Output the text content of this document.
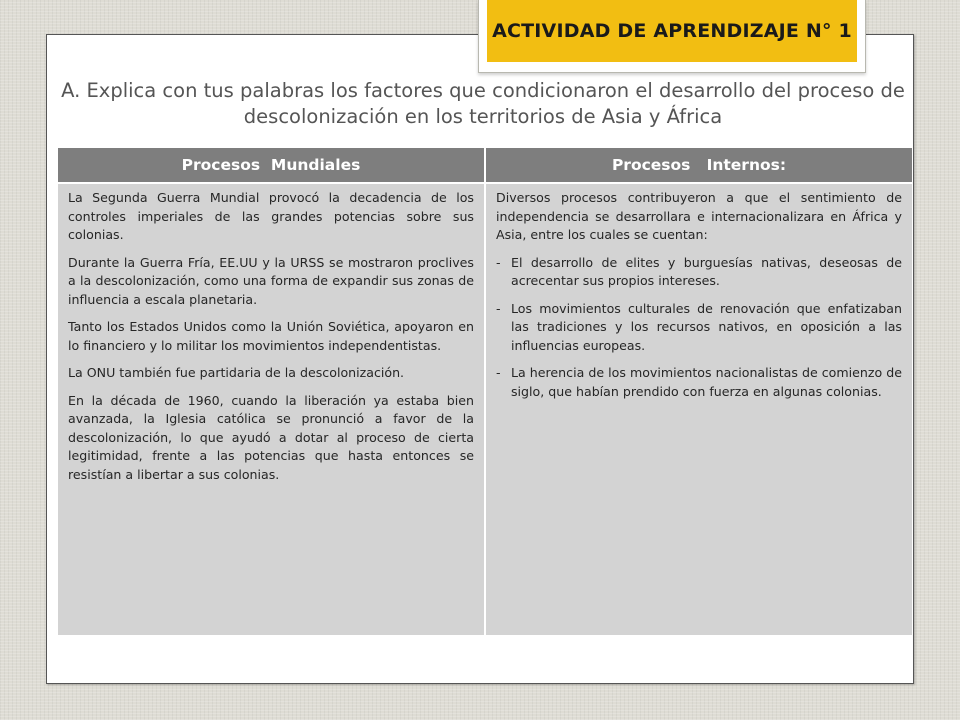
ACTIVIDAD DE APRENDIZAJE N° 1
A. Explica con tus palabras los factores que condicionaron el desarrollo del proceso de descolonización en los territorios de Asia y África
Procesos  Mundiales	Procesos   Internos:

La Segunda Guerra Mundial provocó la decadencia de los controles imperiales de las grandes potencias sobre sus colonias.

Durante la Guerra Fría, EE.UU y la URSS se mostraron proclives a la descolonización, como una forma de expandir sus zonas de influencia a escala planetaria.

Tanto los Estados Unidos como la Unión Soviética, apoyaron en lo financiero y lo militar los movimientos independentistas.

La ONU también fue partidaria de la descolonización.

En la década de 1960, cuando la liberación ya estaba bien avanzada, la Iglesia católica se pronunció a favor de la descolonización, lo que ayudó a dotar al proceso de cierta legitimidad, frente a las potencias que hasta entonces se resistían a libertar a sus colonias.

Diversos procesos contribuyeron a que el sentimiento de independencia se desarrollara e internacionalizara en África y Asia, entre los cuales se cuentan:

- El desarrollo de elites y burguesías nativas, deseosas de acrecentar sus propios intereses.
- Los movimientos culturales de renovación que enfatizaban las tradiciones y los recursos nativos, en oposición a las influencias europeas.
- La herencia de los movimientos nacionalistas de comienzo de siglo, que habían prendido con fuerza en algunas colonias.
